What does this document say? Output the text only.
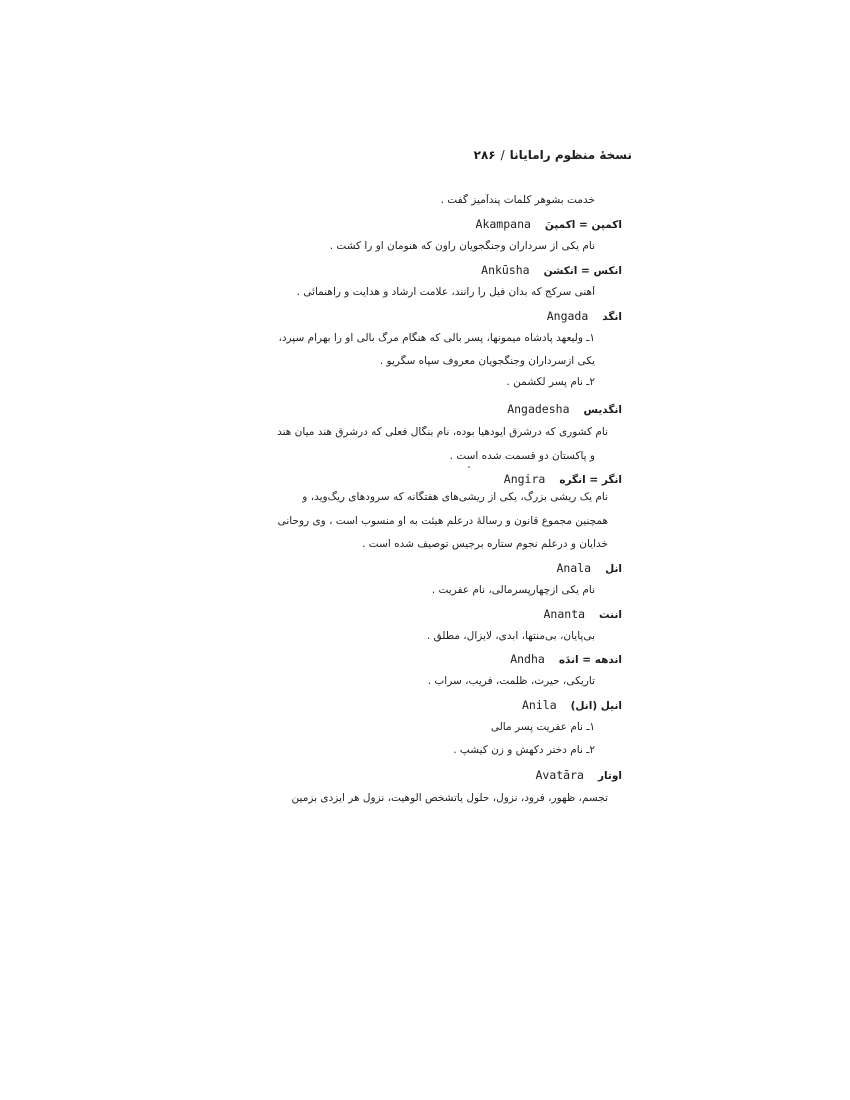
نسخهٔ منظوم رامایانا/۲۸۶
خدمت بشوهر کلمات پندآمیز گفت .
اکمپن = اکمپنَAkampana
نام یکی از سرداران وجنگجویان راون که هنومان او را کشت .
انکس = انکشنAnkūsha
آهنی سرکج که بدان فیل را رانند، علامت ارشاد و هدایت و راهنمائی .
انگدAngada
۱ـ ولیعهد پادشاه میمونها، پسر بالی که هنگام مرگ بالی او را بهرام سپرد،
یکی ازسرداران وجنگجویان معروف سپاه سگریو .
۲ـ نام پسر لکشمن .
انگدیسAngadesha
نام کشوری که درشرق ایودهیا بوده، نام بنگال فعلی که درشرق هند میان هند
و پاکستان دو قسمت شده است .
انگر = انگرهAngira
نام یک ریشی بزرگ، یکی از ریشی‌های هفتگانه که سرودهای ریگ‌وید، و
همچنین مجموع قانون و رسالهٔ درعلم هیئت به او منسوب است ، وی روحانی
خدایان و درعلم نجوم ستاره برجیس توصیف شده است .
انلAnala
نام یکی ازچهارپسرمالی، نام عفریت .
اننتAnanta
بی‌پایان، بی‌منتها، ابدی، لایزال، مطلق .
اندهه = اندَهAndha
تاریکی، حیرت، ظلمت، فریب، سراب .
انیل (انل)Anila
۱ـ نام عفریت پسر مالی
۲ـ نام دختر دکهش و زن کیشپ .
اوتارAvatāra
تجسم، ظهور، فرود، نزول، حلول یاتشخص الوهیت، نزول هر ایزدی بزمین
